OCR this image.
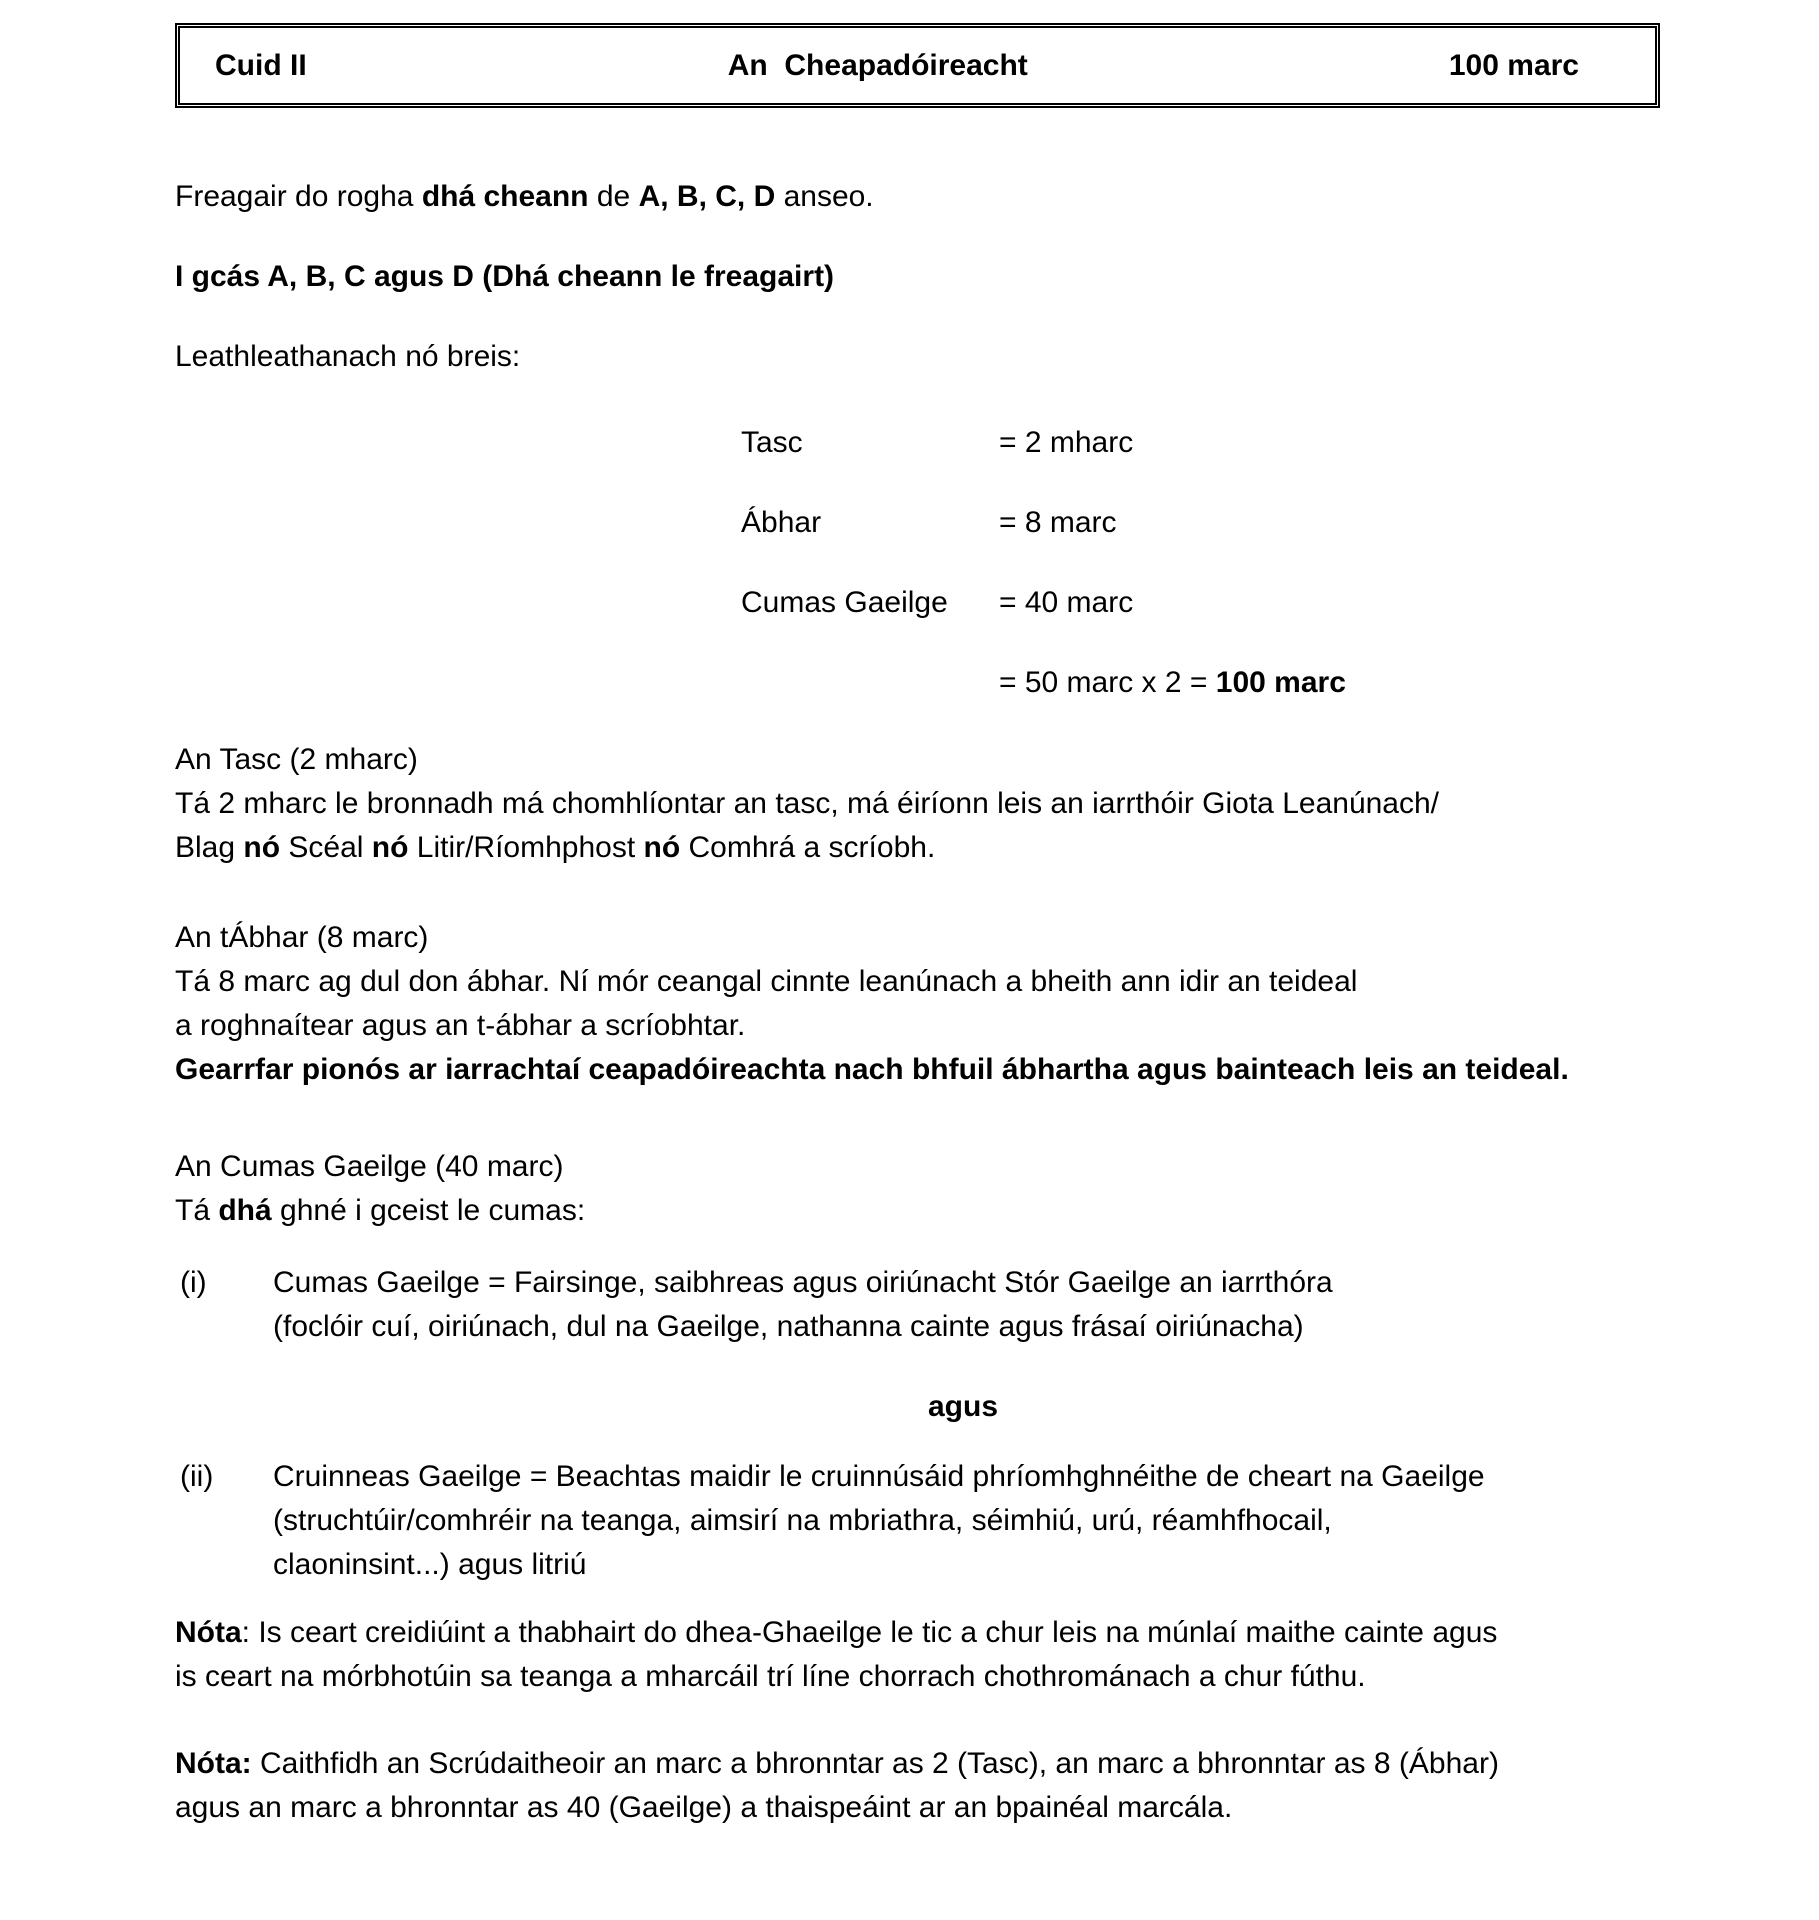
Cuid II	An  Cheapadóireacht	100 marc
Freagair do rogha dhá cheann de A, B, C, D anseo.
I gcás A, B, C agus D (Dhá cheann le freagairt)
Leathleathanach nó breis:
Tasc	= 2 mharc
Ábhar	= 8 marc
Cumas Gaeilge	= 40 marc
= 50 marc x 2 = 100 marc
An Tasc (2 mharc)
Tá 2 mharc le bronnadh má chomhlíontar an tasc, má éiríonn leis an iarrthóir Giota Leanúnach/
Blag nó Scéal nó Litir/Ríomhphost nó Comhrá a scríobh.
An tÁbhar (8 marc)
Tá 8 marc ag dul don ábhar. Ní mór ceangal cinnte leanúnach a bheith ann idir an teideal
a roghnaítear agus an t-ábhar a scríobhtar.
Gearrfar pionós ar iarrachtaí ceapadóireachta nach bhfuil ábhartha agus bainteach leis an teideal.
An Cumas Gaeilge (40 marc)
Tá dhá ghné i gceist le cumas:
(i)	Cumas Gaeilge = Fairsinge, saibhreas agus oiriúnacht Stór Gaeilge an iarrthóra
(foclóir cuí, oiriúnach, dul na Gaeilge, nathanna cainte agus frásaí oiriúnacha)
agus
(ii)	Cruinneas Gaeilge = Beachtas maidir le cruinnúsáid phríomhghnéithe de cheart na Gaeilge
(struchtúir/comhréir na teanga, aimsirí na mbriathra, séimhiú, urú, réamhfhocail,
claoninsint...) agus litriú
Nóta: Is ceart creidiúint a thabhairt do dhea-Ghaeilge le tic a chur leis na múnlaí maithe cainte agus
is ceart na mórbhotúin sa teanga a mharcáil trí líne chorrach chothrománach a chur fúthu.
Nóta: Caithfidh an Scrúdaitheoir an marc a bhronntar as 2 (Tasc), an marc a bhronntar as 8 (Ábhar)
agus an marc a bhronntar as 40 (Gaeilge) a thaispeáint ar an bpainéal marcála.
